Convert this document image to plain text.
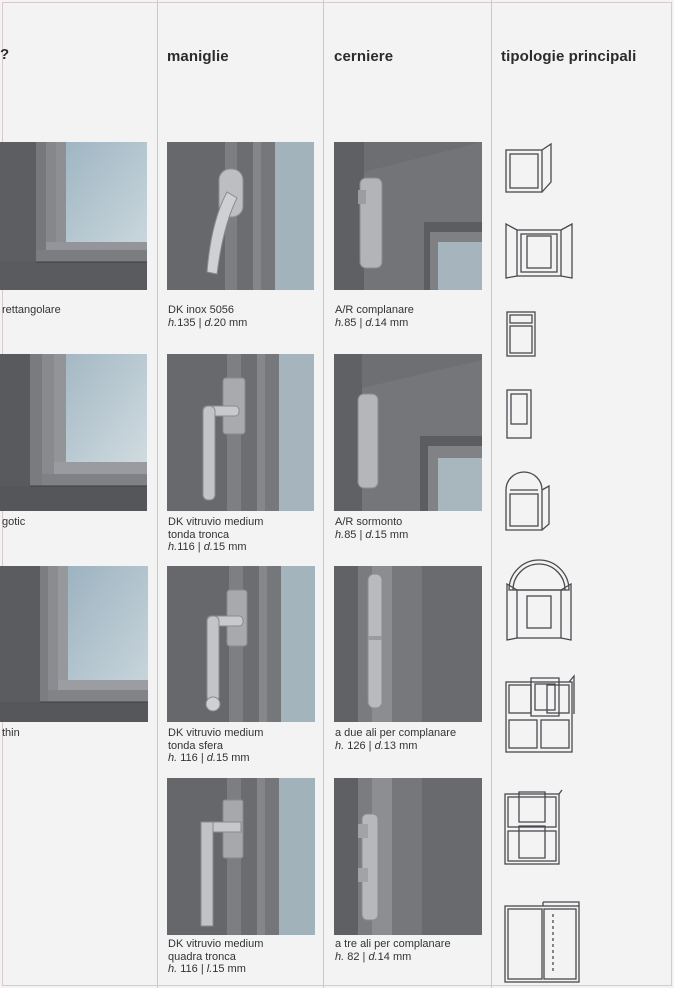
?	maniglie	cerniere	tipologie principali
rettangolare
gotic
thin
DK inox 5056
h.135 | d.20 mm
DK vitruvio medium
tonda tronca
h.116 | d.15 mm
DK vitruvio medium
tonda sfera
h. 116 | d.15 mm
DK vitruvio medium
quadra tronca
h. 116 | l.15 mm
A/R complanare
h.85 | d.14 mm
A/R sormonto
h.85 | d.15 mm
a due ali per complanare
h. 126 | d.13 mm
a tre ali per complanare
h. 82 | d.14 mm
